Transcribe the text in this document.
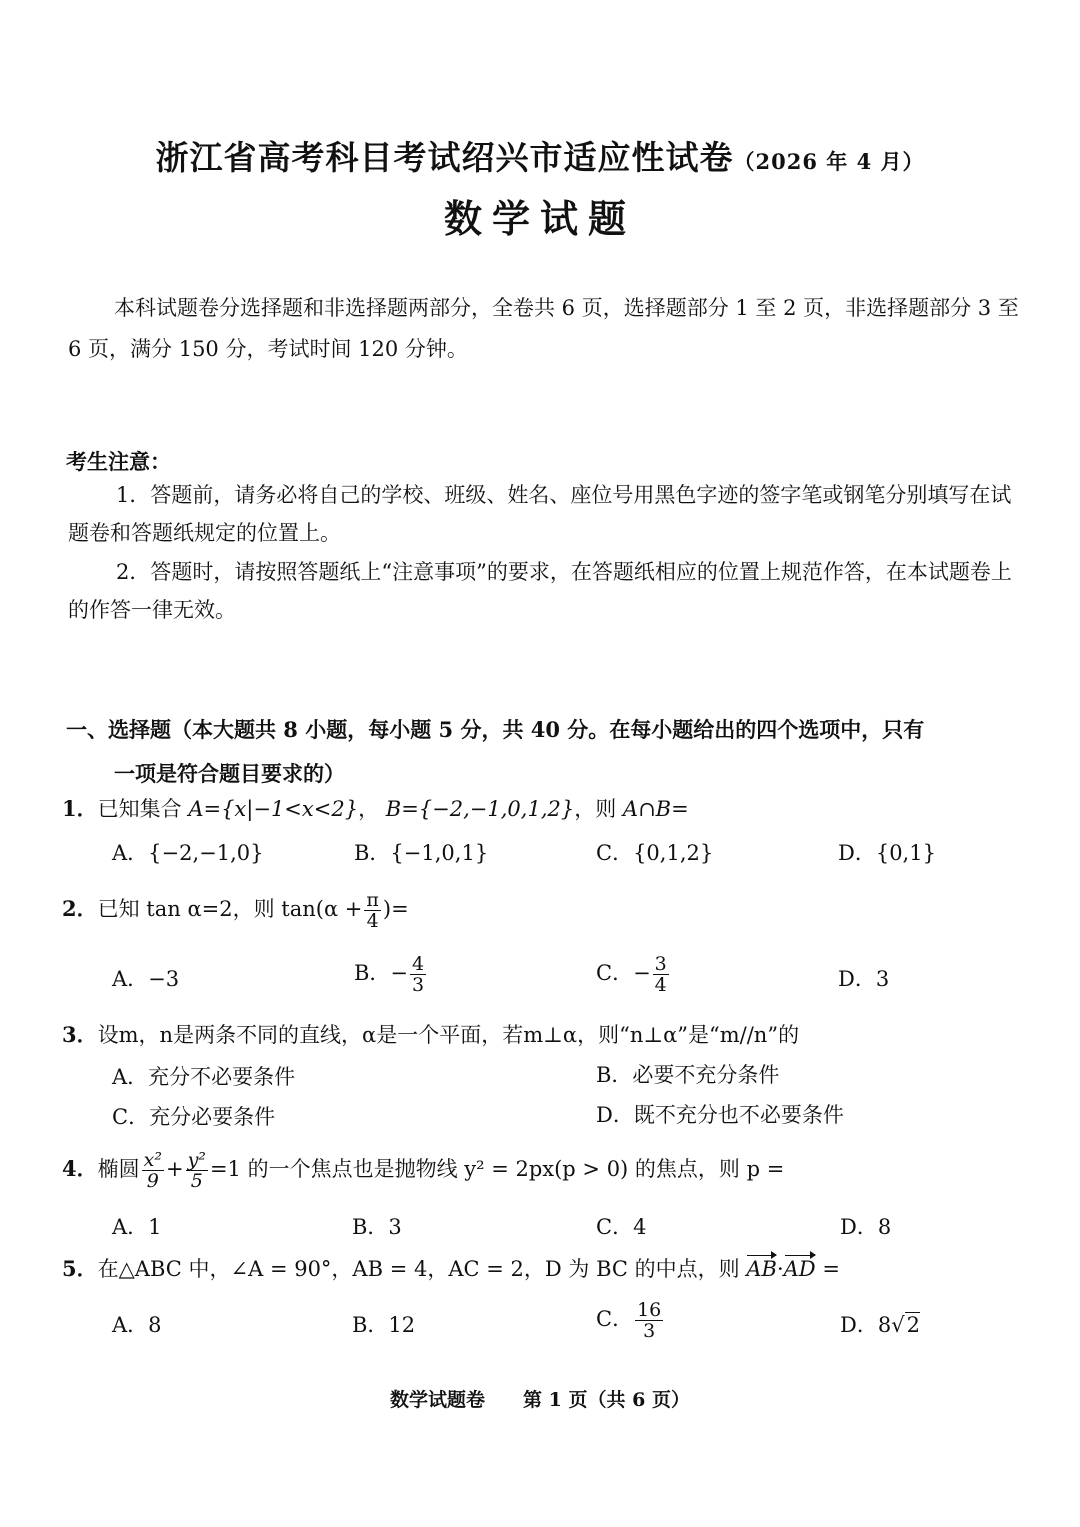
浙江省高考科目考试绍兴市适应性试卷（2026 年 4 月）
数学试题
本科试题卷分选择题和非选择题两部分，全卷共 6 页，选择题部分 1 至 2 页，非选择题部分 3 至 6 页，满分 150 分，考试时间 120 分钟。
考生注意：
1．答题前，请务必将自己的学校、班级、姓名、座位号用黑色字迹的签字笔或钢笔分别填写在试题卷和答题纸规定的位置上。
2．答题时，请按照答题纸上“注意事项”的要求，在答题纸相应的位置上规范作答，在本试题卷上的作答一律无效。
一、选择题（本大题共 8 小题，每小题 5 分，共 40 分。在每小题给出的四个选项中，只有
一项是符合题目要求的）
1．已知集合 A={x|−1<x<2}， B={−2,−1,0,1,2}，则 A∩B=
A．{−2,−1,0}	B．{−1,0,1}	C．{0,1,2}	D．{0,1}
2．已知 tan α=2，则 $\tan(\alpha + \frac{\pi}{4}$ )=
A．−3	B．− $\frac{4}{3}$	C．− $\frac{3}{4}$	D．3
3．设m，n是两条不同的直线，α是一个平面，若m⊥α，则“n⊥α”是“m//n”的
A．充分不必要条件	B．必要不充分条件
C．充分必要条件	D．既不充分也不必要条件
4．椭圆 $\frac{\text{x²}}{9} + \frac{\text{y²}}{5} =1$ 的一个焦点也是抛物线 y² = 2px(p > 0) 的焦点，则 p =
A．1	B．3	C．4	D．8
5．在△ABC 中，∠A = 90°，AB = 4，AC = 2，D 为 BC 的中点，则 AB·AD =
A．8	B．12	C． $\frac{16}{3}$	D．8√2
数学试题卷　　第 1 页（共 6 页）
